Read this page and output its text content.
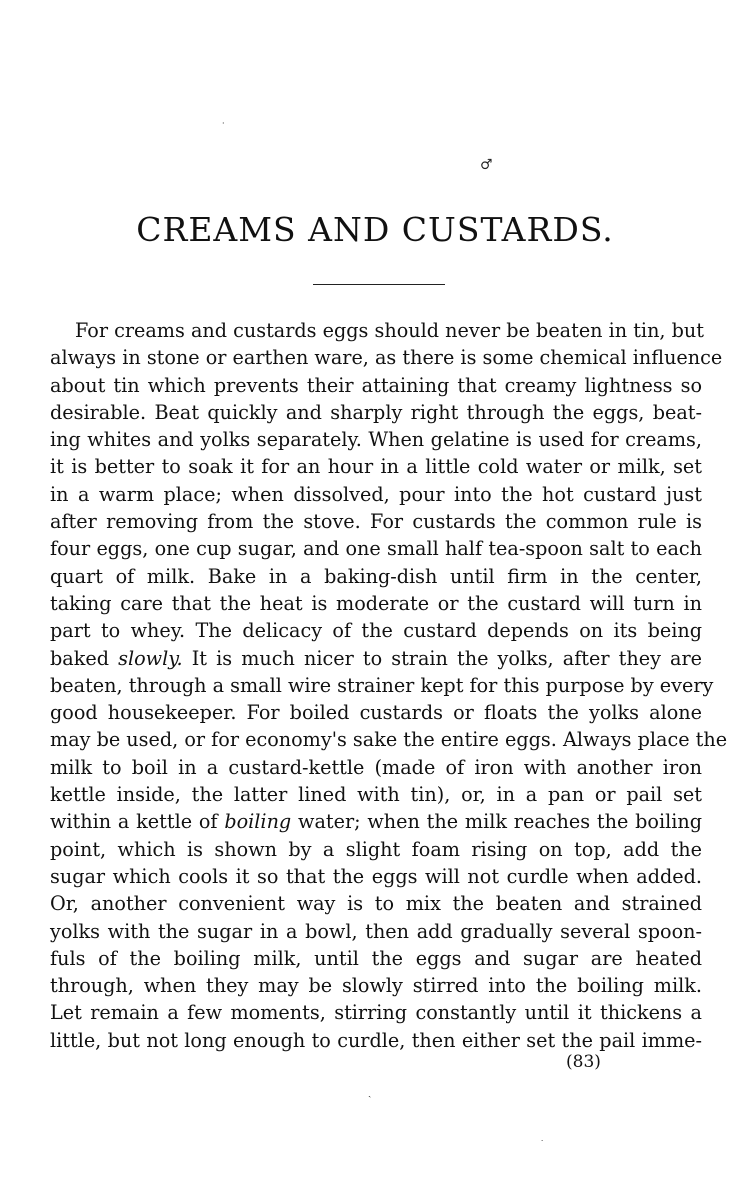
·
♂
CREAMS AND CUSTARDS.
For creams and custards eggs should never be beaten in tin, but
always in stone or earthen ware, as there is some chemical influence
about tin which prevents their attaining that creamy lightness so
desirable. Beat quickly and sharply right through the eggs, beat-
ing whites and yolks separately. When gelatine is used for creams,
it is better to soak it for an hour in a little cold water or milk, set
in a warm place; when dissolved, pour into the hot custard just
after removing from the stove. For custards the common rule is
four eggs, one cup sugar, and one small half tea-spoon salt to each
quart of milk. Bake in a baking-dish until firm in the center,
taking care that the heat is moderate or the custard will turn in
part to whey. The delicacy of the custard depends on its being
baked slowly. It is much nicer to strain the yolks, after they are
beaten, through a small wire strainer kept for this purpose by every
good housekeeper. For boiled custards or floats the yolks alone
may be used, or for economy's sake the entire eggs. Always place the
milk to boil in a custard-kettle (made of iron with another iron
kettle inside, the latter lined with tin), or, in a pan or pail set
within a kettle of boiling water; when the milk reaches the boiling
point, which is shown by a slight foam rising on top, add the
sugar which cools it so that the eggs will not curdle when added.
Or, another convenient way is to mix the beaten and strained
yolks with the sugar in a bowl, then add gradually several spoon-
fuls of the boiling milk, until the eggs and sugar are heated
through, when they may be slowly stirred into the boiling milk.
Let remain a few moments, stirring constantly until it thickens a
little, but not long enough to curdle, then either set the pail imme-
(83)
ˏ
·
